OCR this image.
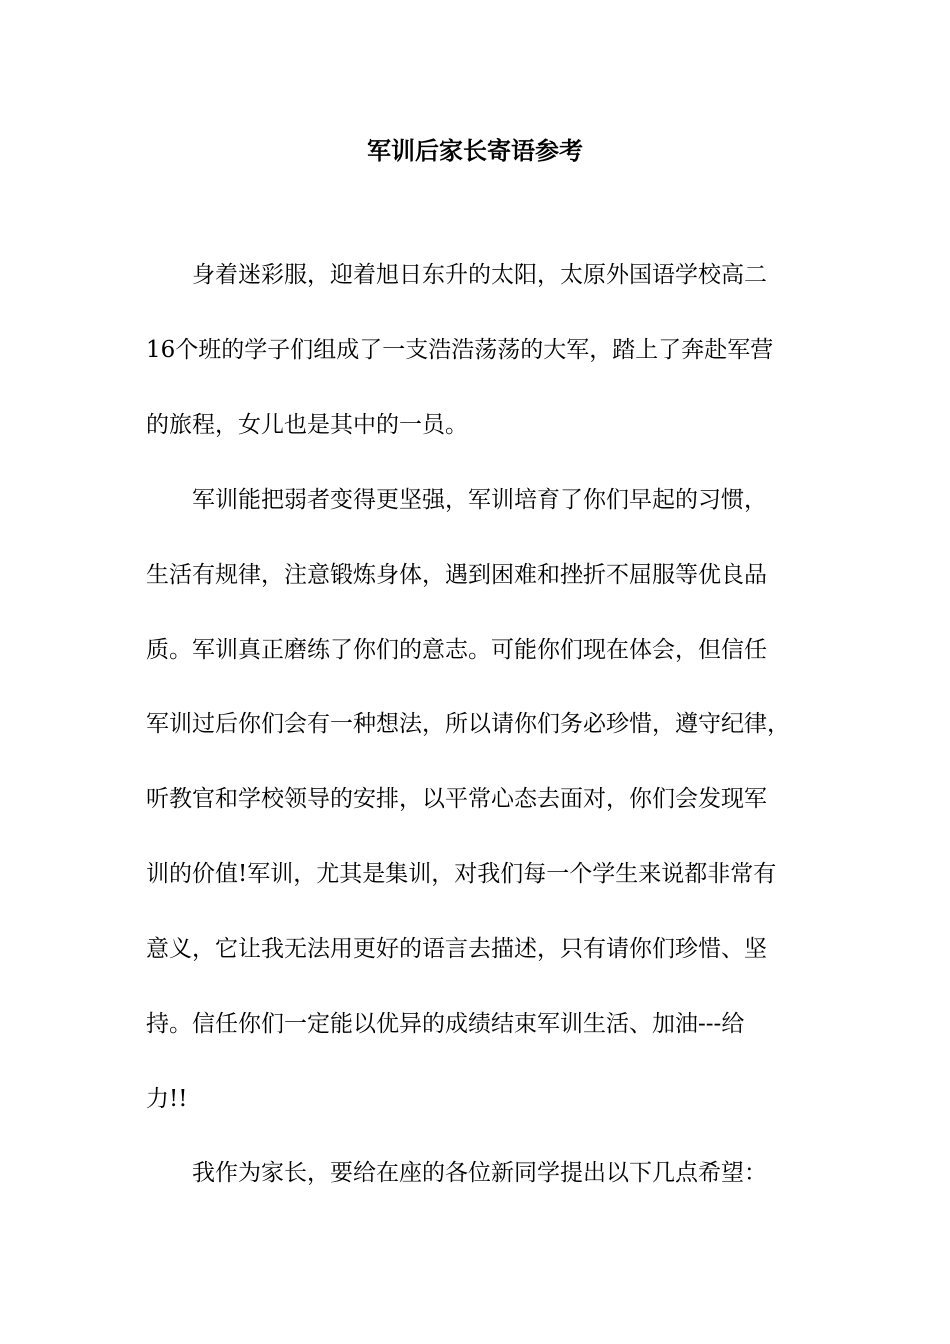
军训后家长寄语参考

身着迷彩服，迎着旭日东升的太阳，太原外国语学校高二

16个班的学子们组成了一支浩浩荡荡的大军，踏上了奔赴军营

的旅程，女儿也是其中的一员。

军训能把弱者变得更坚强，军训培育了你们早起的习惯，

生活有规律，注意锻炼身体，遇到困难和挫折不屈服等优良品

质。军训真正磨练了你们的意志。可能你们现在体会，但信任

军训过后你们会有一种想法，所以请你们务必珍惜，遵守纪律，

听教官和学校领导的安排，以平常心态去面对，你们会发现军

训的价值!军训，尤其是集训，对我们每一个学生来说都非常有

意义，它让我无法用更好的语言去描述，只有请你们珍惜、坚

持。信任你们一定能以优异的成绩结束军训生活、加油---给

力!!

我作为家长，要给在座的各位新同学提出以下几点希望：
